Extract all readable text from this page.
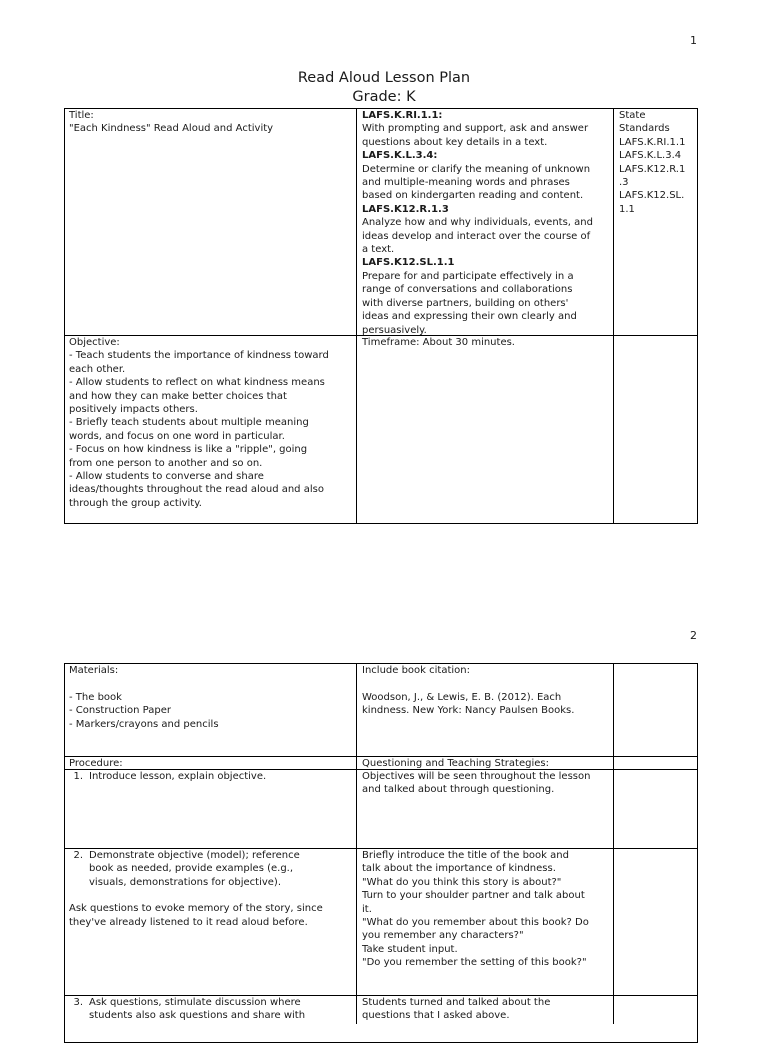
1
Read Aloud Lesson Plan
Grade: K
Title:
"Each Kindness" Read Aloud and Activity
LAFS.K.RI.1.1:
With prompting and support, ask and answer
questions about key details in a text.
LAFS.K.L.3.4:
Determine or clarify the meaning of unknown
and multiple-meaning words and phrases
based on kindergarten reading and content.
LAFS.K12.R.1.3
Analyze how and why individuals, events, and
ideas develop and interact over the course of
a text.
LAFS.K12.SL.1.1
Prepare for and participate effectively in a
range of conversations and collaborations
with diverse partners, building on others'
ideas and expressing their own clearly and
persuasively.
State
Standards
LAFS.K.RI.1.1
LAFS.K.L.3.4
LAFS.K12.R.1
.3
LAFS.K12.SL.
1.1
Objective:
- Teach students the importance of kindness toward
each other.
- Allow students to reflect on what kindness means
and how they can make better choices that
positively impacts others.
- Briefly teach students about multiple meaning
words, and focus on one word in particular.
- Focus on how kindness is like a "ripple", going
from one person to another and so on.
- Allow students to converse and share
ideas/thoughts throughout the read aloud and also
through the group activity.
Timeframe: About 30 minutes.
2
Materials:

- The book
- Construction Paper
- Markers/crayons and pencils
Include book citation:

Woodson, J., & Lewis, E. B. (2012). Each
kindness. New York: Nancy Paulsen Books.
Procedure:	Questioning and Teaching Strategies:
1. Introduce lesson, explain objective.	Objectives will be seen throughout the lesson
and talked about through questioning.
2. Demonstrate objective (model); reference
book as needed, provide examples (e.g.,
visuals, demonstrations for objective).
Ask questions to evoke memory of the story, since
they've already listened to it read aloud before.
Briefly introduce the title of the book and
talk about the importance of kindness.
"What do you think this story is about?"
Turn to your shoulder partner and talk about
it.
"What do you remember about this book? Do
you remember any characters?"
Take student input.
"Do you remember the setting of this book?"
3. Ask questions, stimulate discussion where
students also ask questions and share with
Students turned and talked about the
questions that I asked above.
